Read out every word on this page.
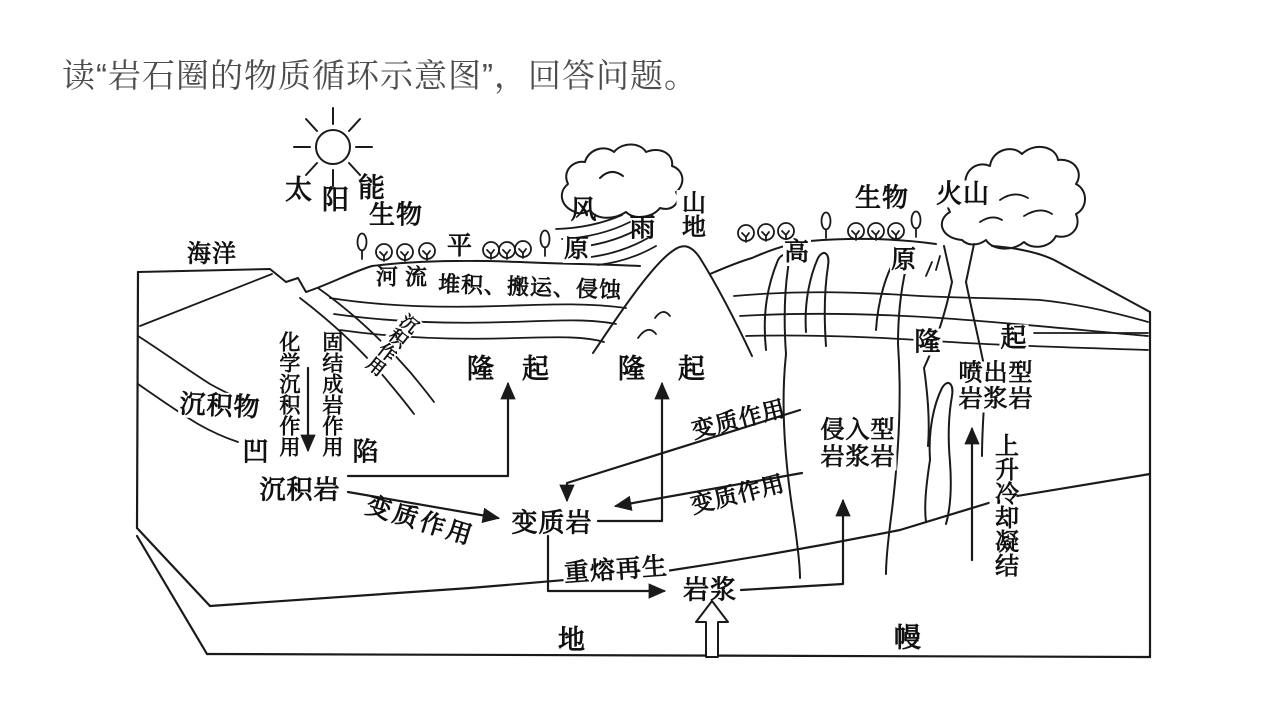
读“岩石圈的物质循环示意图”，回答问题。
太 阳 能
生物	风
雨 山地	生物 火山
海洋	平	原	高	原
河流 堆积、搬运、侵蚀
沉积作用
化学沉积作用 固结成岩作用
沉积物
凹	陷
沉积岩
隆 起	隆 起
变质作用 变质岩
变质作用
变质作用
重熔再生
岩浆
侵入型
岩浆岩
隆 起
喷出型
岩浆岩
上升冷却凝结
地	幔
